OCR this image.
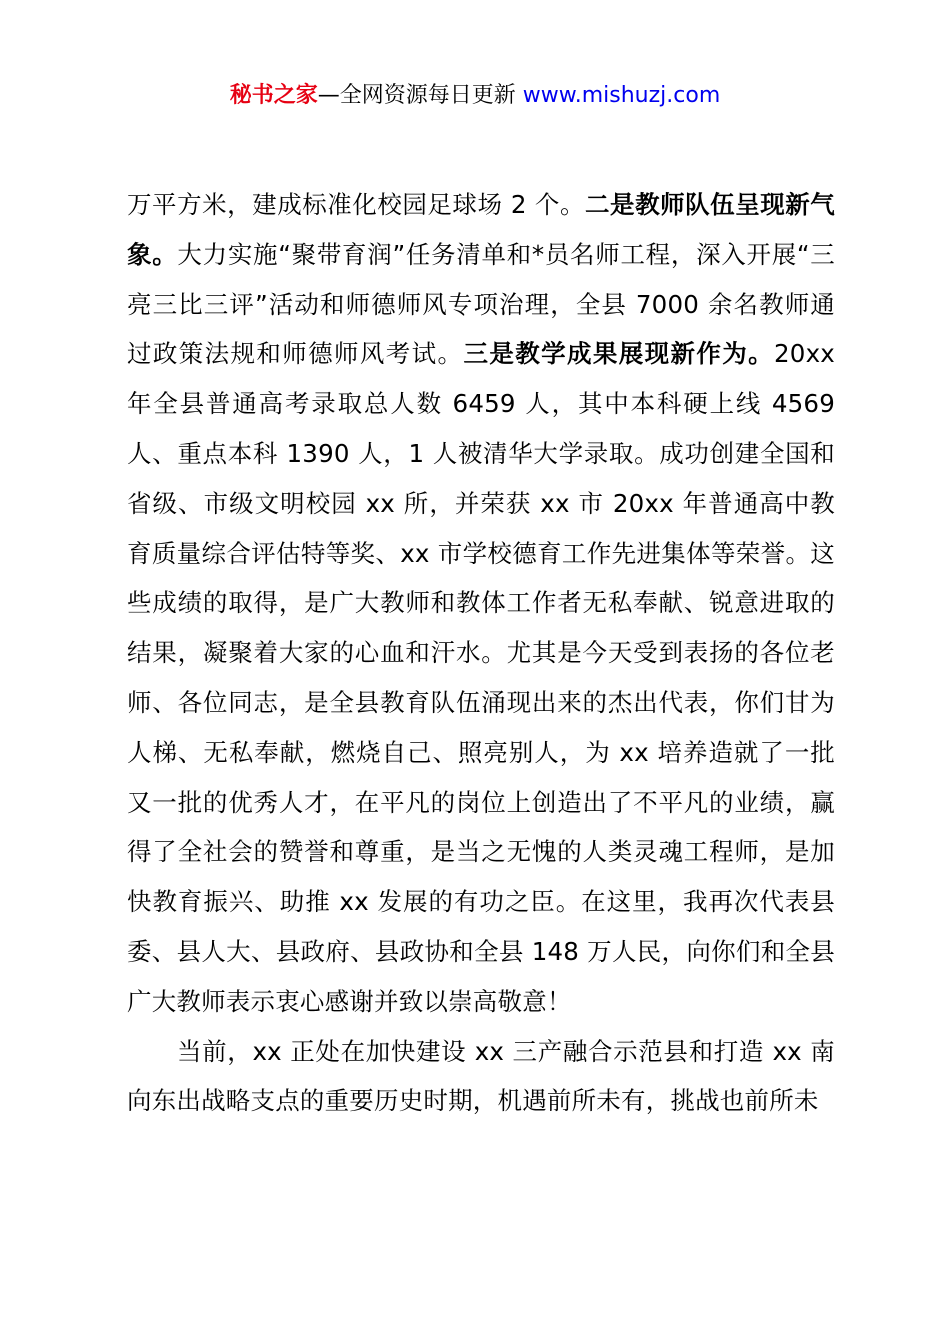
秘书之家—全网资源每日更新 www.mishuzj.com

万平方米，建成标准化校园足球场 2 个。二是教师队伍呈现新气象。大力实施“聚带育润”任务清单和*员名师工程，深入开展“三亮三比三评”活动和师德师风专项治理，全县 7000 余名教师通过政策法规和师德师风考试。三是教学成果展现新作为。20xx 年全县普通高考录取总人数 6459 人，其中本科硬上线 4569 人、重点本科 1390 人，1 人被清华大学录取。成功创建全国和省级、市级文明校园 xx 所，并荣获 xx 市 20xx 年普通高中教育质量综合评估特等奖、xx 市学校德育工作先进集体等荣誉。这些成绩的取得，是广大教师和教体工作者无私奉献、锐意进取的结果，凝聚着大家的心血和汗水。尤其是今天受到表扬的各位老师、各位同志，是全县教育队伍涌现出来的杰出代表，你们甘为人梯、无私奉献，燃烧自己、照亮别人，为 xx 培养造就了一批又一批的优秀人才，在平凡的岗位上创造出了不平凡的业绩，赢得了全社会的赞誉和尊重，是当之无愧的人类灵魂工程师，是加快教育振兴、助推 xx 发展的有功之臣。在这里，我再次代表县委、县人大、县政府、县政协和全县 148 万人民，向你们和全县广大教师表示衷心感谢并致以崇高敬意！

当前，xx 正处在加快建设 xx 三产融合示范县和打造 xx 南向东出战略支点的重要历史时期，机遇前所未有，挑战也前所未
